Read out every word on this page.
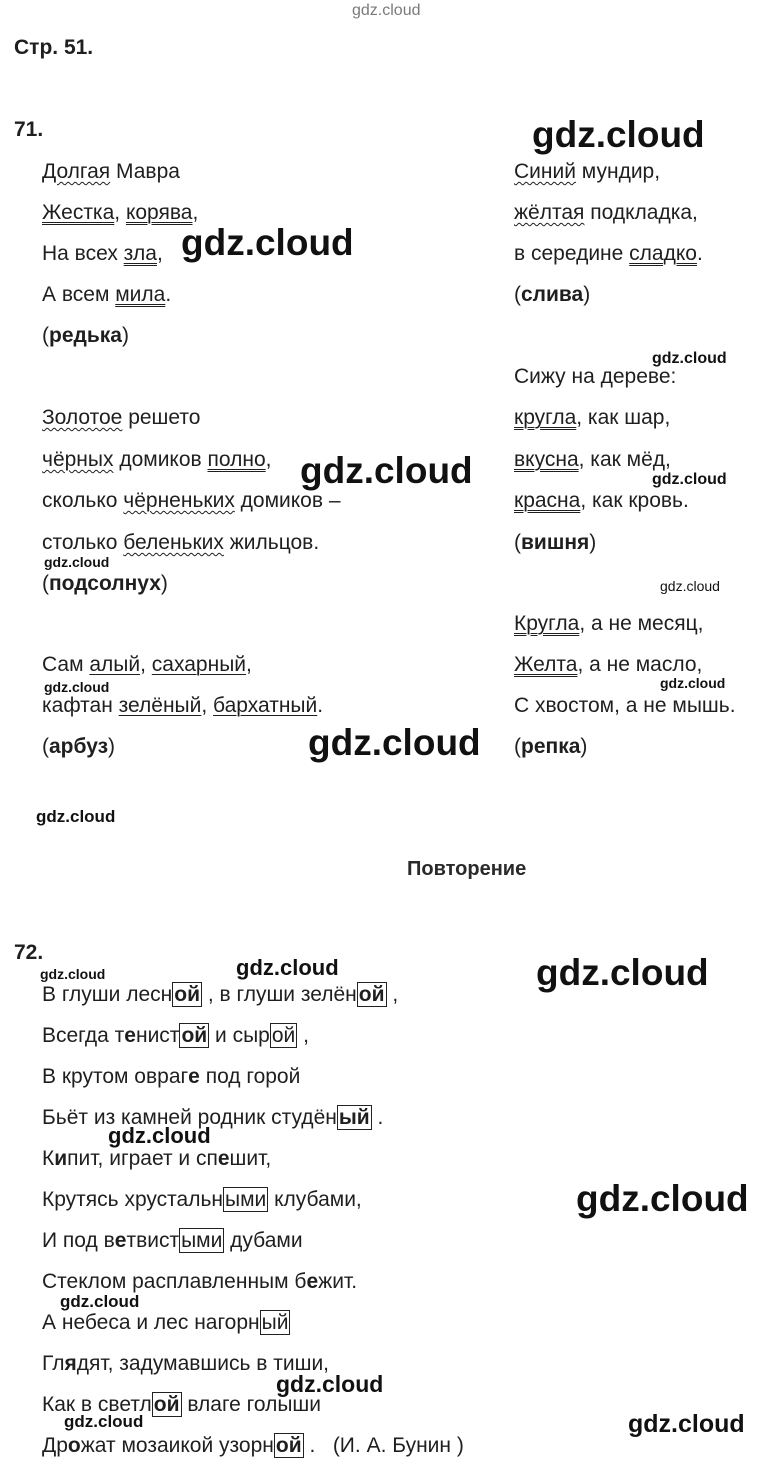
gdz.cloud
Стр. 51.
71.
Долгая Мавра
Жестка, корява,
На всех зла,
А всем мила.
(редька)
Золотое решето
чёрных домиков полно,
сколько чёрненьких домиков –
столько беленьких жильцов.
(подсолнух)
Сам алый, сахарный,
кафтан зелёный, бархатный.
(арбуз)
Синий мундир,
жёлтая подкладка,
в середине сладко.
(слива)
Сижу на дереве:
кругла, как шар,
вкусна, как мёд,
красна, как кровь.
(вишня)
Кругла, а не месяц,
Желта, а не масло,
С хвостом, а не мышь.
(репка)
Повторение
72.
В глуши лесной , в глуши зелёной ,
Всегда тенистой и сырой ,
В крутом овраге под горой
Бьёт из камней родник студёный .
Кипит, играет и спешит,
Крутясь хрустальными клубами,
И под ветвистыми дубами
Стеклом расплавленным бежит.
А небеса и лес нагорный
Глядят, задумавшись в тиши,
Как в светлой влаге голыши
Дрожат мозаикой узорной .   (И. А. Бунин )
gdz.cloud
gdz.cloud
gdz.cloud
gdz.cloud
gdz.cloud
gdz.cloud
gdz.cloud
gdz.cloud
gdz.cloud
gdz.cloud
gdz.cloud	gdz.cloud
gdz.cloud
gdz.cloud	gdz.cloud
gdz.cloud
gdz.cloud
gdz.cloud
gdz.cloud	gdz.cloud
